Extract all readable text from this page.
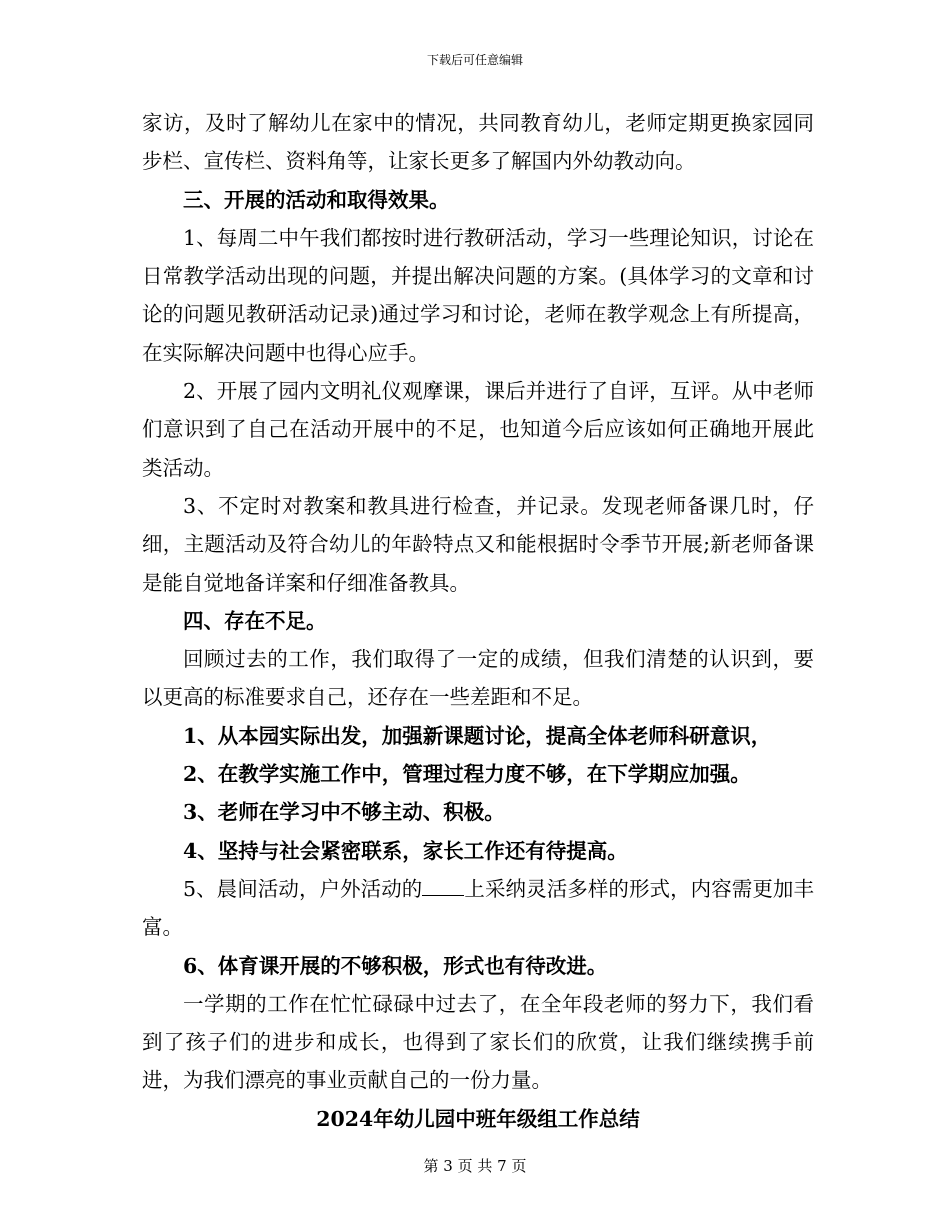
下载后可任意编辑

家访，及时了解幼儿在家中的情况，共同教育幼儿，老师定期更换家园同步栏、宣传栏、资料角等，让家长更多了解国内外幼教动向。

三、开展的活动和取得效果。

1、每周二中午我们都按时进行教研活动，学习一些理论知识，讨论在日常教学活动出现的问题，并提出解决问题的方案。(具体学习的文章和讨论的问题见教研活动记录)通过学习和讨论，老师在教学观念上有所提高，在实际解决问题中也得心应手。

2、开展了园内文明礼仪观摩课，课后并进行了自评，互评。从中老师们意识到了自己在活动开展中的不足，也知道今后应该如何正确地开展此类活动。

3、不定时对教案和教具进行检查，并记录。发现老师备课几时，仔细，主题活动及符合幼儿的年龄特点又和能根据时令季节开展;新老师备课是能自觉地备详案和仔细准备教具。

四、存在不足。

回顾过去的工作，我们取得了一定的成绩，但我们清楚的认识到，要以更高的标准要求自己，还存在一些差距和不足。

1、从本园实际出发，加强新课题讨论，提高全体老师科研意识，

2、在教学实施工作中，管理过程力度不够，在下学期应加强。

3、老师在学习中不够主动、积极。

4、坚持与社会紧密联系，家长工作还有待提高。

5、晨间活动，户外活动的 上采纳灵活多样的形式，内容需更加丰富。

6、体育课开展的不够积极，形式也有待改进。

一学期的工作在忙忙碌碌中过去了，在全年段老师的努力下，我们看到了孩子们的进步和成长，也得到了家长们的欣赏，让我们继续携手前进，为我们漂亮的事业贡献自己的一份力量。

2024年幼儿园中班年级组工作总结

第 3 页 共 7 页
